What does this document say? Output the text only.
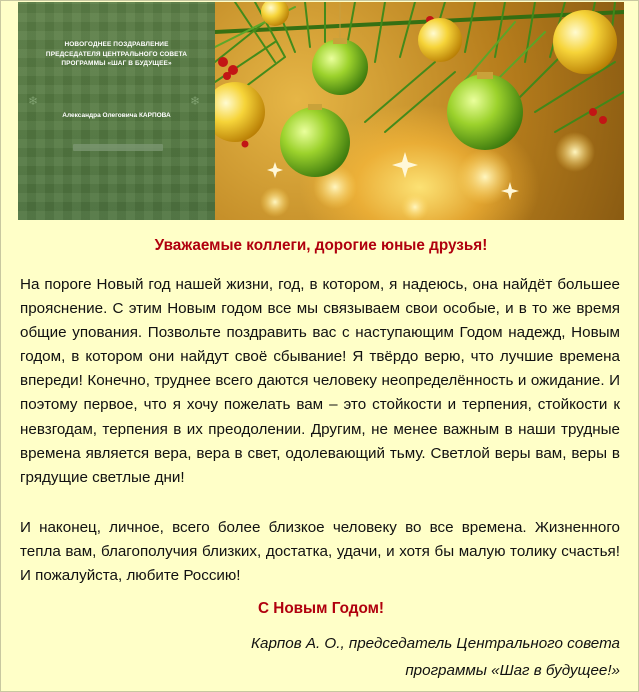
❄	❄
НОВОГОДНЕЕ ПОЗДРАВЛЕНИЕ
ПРЕДСЕДАТЕЛЯ ЦЕНТРАЛЬНОГО СОВЕТА
ПРОГРАММЫ «ШАГ В БУДУЩЕЕ»
Александра Олеговича КАРПОВА
Уважаемые коллеги, дорогие юные друзья!

На пороге Новый год нашей жизни, год, в котором, я надеюсь, она найдёт большее прояснение. С этим Новым годом все мы связываем свои особые, и в то же время общие упования. Позвольте поздравить вас с наступающим Годом надежд, Новым годом, в котором они найдут своё сбывание! Я твёрдо верю, что лучшие времена впереди! Конечно, труднее всего даются человеку неопределённость и ожидание. И поэтому первое, что я хочу пожелать вам – это стойкости и терпения, стойкости к невзгодам, терпения в их преодолении. Другим, не менее важным в наши трудные времена является вера, вера в свет, одолевающий тьму. Светлой веры вам, веры в грядущие светлые дни!

И наконец, личное, всего более близкое человеку во все времена. Жизненного тепла вам, благополучия близких, достатка, удачи, и хотя бы малую толику счастья! И пожалуйста, любите Россию!

С Новым Годом!
Карпов А. О., председатель Центрального совета
программы «Шаг в будущее!»
